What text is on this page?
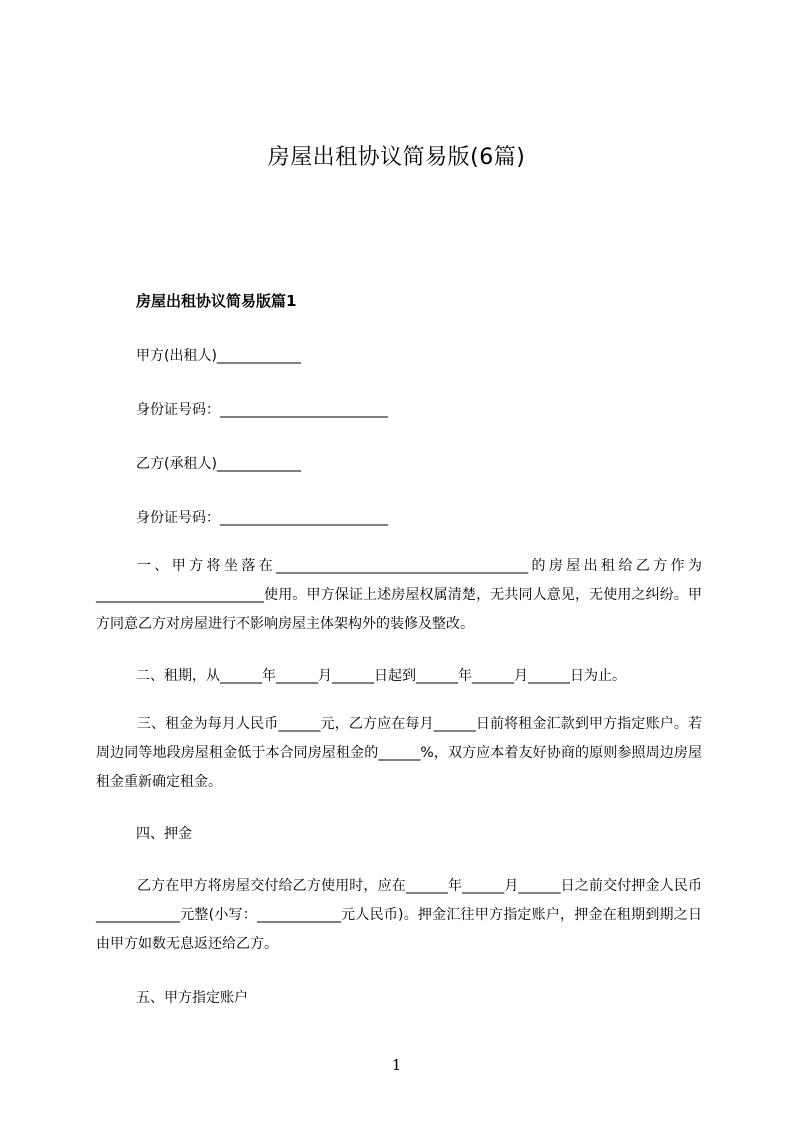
房屋出租协议简易版(6篇)
房屋出租协议简易版篇1
甲方(出租人)____________
身份证号码：________________________
乙方(承租人)____________
身份证号码：________________________
一、甲方将坐落在____________________________________的房屋出租给乙方作为________________________使用。甲方保证上述房屋权属清楚，无共同人意见，无使用之纠纷。甲方同意乙方对房屋进行不影响房屋主体架构外的装修及整改。
二、租期，从______年______月______日起到______年______月______日为止。
三、租金为每月人民币______元，乙方应在每月______日前将租金汇款到甲方指定账户。若周边同等地段房屋租金低于本合同房屋租金的______%，双方应本着友好协商的原则参照周边房屋租金重新确定租金。
四、押金
乙方在甲方将房屋交付给乙方使用时，应在______年______月______日之前交付押金人民币____________元整(小写：____________元人民币)。押金汇往甲方指定账户，押金在租期到期之日由甲方如数无息返还给乙方。
五、甲方指定账户
1
